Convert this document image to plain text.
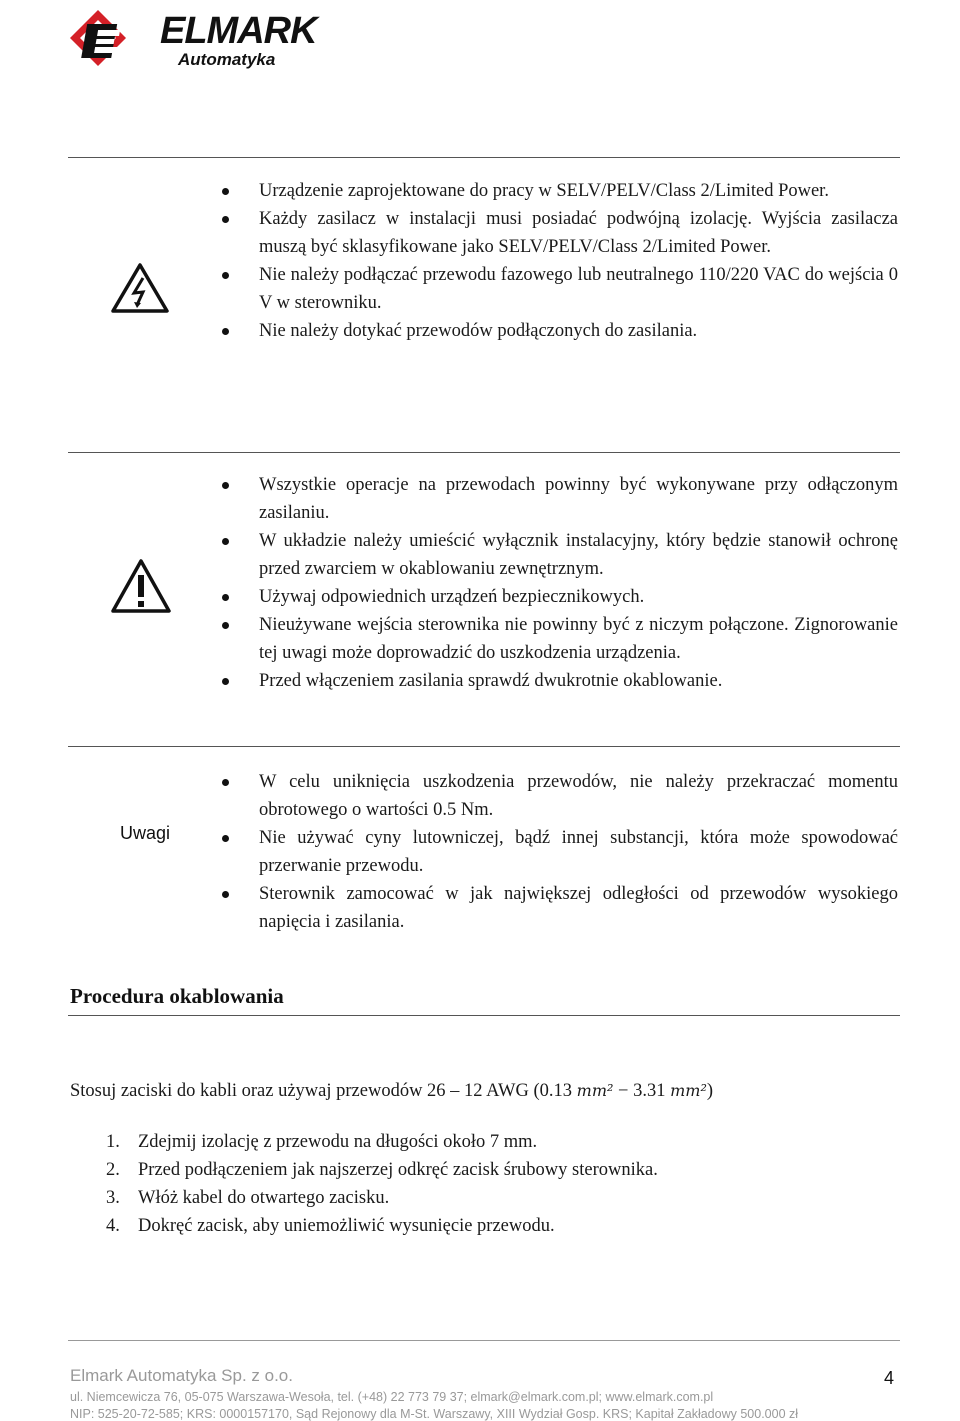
ELMARK
Automatyka
Urządzenie zaprojektowane do pracy w SELV/PELV/Class 2/Limited Power.
Każdy zasilacz w instalacji musi posiadać podwójną izolację. Wyjścia zasilacza muszą być sklasyfikowane jako SELV/PELV/Class 2/Limited Power.
Nie należy podłączać przewodu fazowego lub neutralnego 110/220 VAC do wejścia 0 V w sterowniku.
Nie należy dotykać przewodów podłączonych do zasilania.
Wszystkie operacje na przewodach powinny być wykonywane przy odłączonym zasilaniu.
W układzie należy umieścić wyłącznik instalacyjny, który będzie stanowił ochronę przed zwarciem w okablowaniu zewnętrznym.
Używaj odpowiednich urządzeń bezpiecznikowych.
Nieużywane wejścia sterownika nie powinny być z niczym połączone. Zignorowanie tej uwagi może doprowadzić do uszkodzenia urządzenia.
Przed włączeniem zasilania sprawdź dwukrotnie okablowanie.
Uwagi
W celu uniknięcia uszkodzenia przewodów, nie należy przekraczać momentu obrotowego o wartości 0.5 Nm.
Nie używać cyny lutowniczej, bądź innej substancji, która może spowodować przerwanie przewodu.
Sterownik zamocować w jak największej odległości od przewodów wysokiego napięcia i zasilania.
Procedura okablowania
Stosuj zaciski do kabli oraz używaj przewodów 26 – 12 AWG (0.13 mm² − 3.31 mm²)
1. Zdejmij izolację z przewodu na długości około 7 mm.
2. Przed podłączeniem jak najszerzej odkręć zacisk śrubowy sterownika.
3. Włóż kabel do otwartego zacisku.
4. Dokręć zacisk, aby uniemożliwić wysunięcie przewodu.
Elmark Automatyka Sp. z o.o.
ul. Niemcewicza 76, 05-075 Warszawa-Wesoła, tel. (+48) 22 773 79 37; elmark@elmark.com.pl; www.elmark.com.pl
NIP: 525-20-72-585; KRS: 0000157170, Sąd Rejonowy dla M-St. Warszawy, XIII Wydział Gosp. KRS; Kapitał Zakładowy 500.000 zł
4
